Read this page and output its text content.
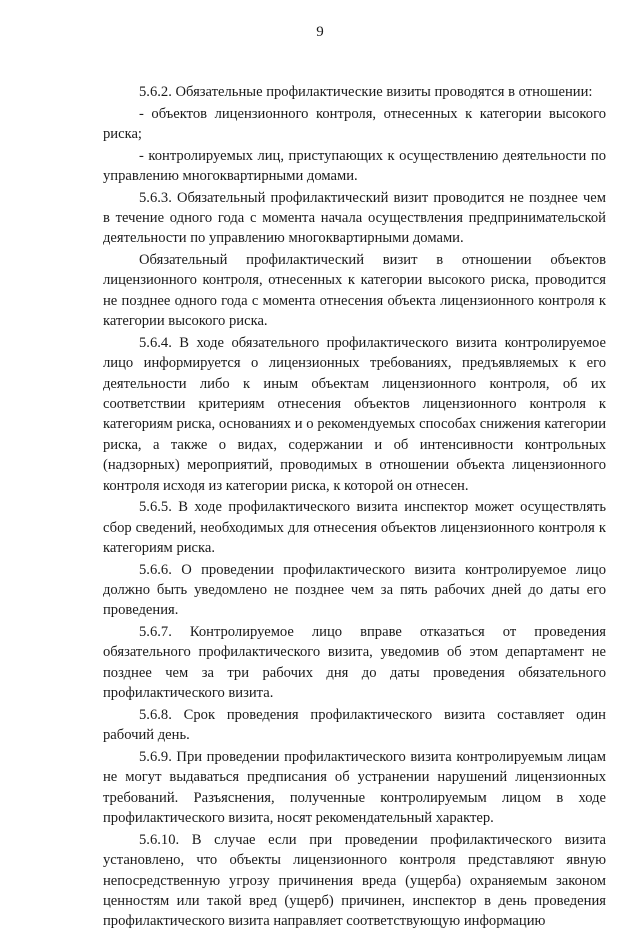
9

5.6.2. Обязательные профилактические визиты проводятся в отношении:

- объектов лицензионного контроля, отнесенных к категории высокого риска;

- контролируемых лиц, приступающих к осуществлению деятельности по управлению многоквартирными домами.

5.6.3. Обязательный профилактический визит проводится не позднее чем в течение одного года с момента начала осуществления предпринимательской деятельности по управлению многоквартирными домами.

Обязательный профилактический визит в отношении объектов лицензионного контроля, отнесенных к категории высокого риска, проводится не позднее одного года с момента отнесения объекта лицензионного контроля к категории высокого риска.

5.6.4. В ходе обязательного профилактического визита контролируемое лицо информируется о лицензионных требованиях, предъявляемых к его деятельности либо к иным объектам лицензионного контроля, об их соответствии критериям отнесения объектов лицензионного контроля к категориям риска, основаниях и о рекомендуемых способах снижения категории риска, а также о видах, содержании и об интенсивности контрольных (надзорных) мероприятий, проводимых в отношении объекта лицензионного контроля исходя из категории риска, к которой он отнесен.

5.6.5. В ходе профилактического визита инспектор может осуществлять сбор сведений, необходимых для отнесения объектов лицензионного контроля к категориям риска.

5.6.6. О проведении профилактического визита контролируемое лицо должно быть уведомлено не позднее чем за пять рабочих дней до даты его проведения.

5.6.7. Контролируемое лицо вправе отказаться от проведения обязательного профилактического визита, уведомив об этом департамент не позднее чем за три рабочих дня до даты проведения обязательного профилактического визита.

5.6.8. Срок проведения профилактического визита составляет один рабочий день.

5.6.9. При проведении профилактического визита контролируемым лицам не могут выдаваться предписания об устранении нарушений лицензионных требований. Разъяснения, полученные контролируемым лицом в ходе профилактического визита, носят рекомендательный характер.

5.6.10. В случае если при проведении профилактического визита установлено, что объекты лицензионного контроля представляют явную непосредственную угрозу причинения вреда (ущерба) охраняемым законом ценностям или такой вред (ущерб) причинен, инспектор в день проведения профилактического визита направляет соответствующую информацию
